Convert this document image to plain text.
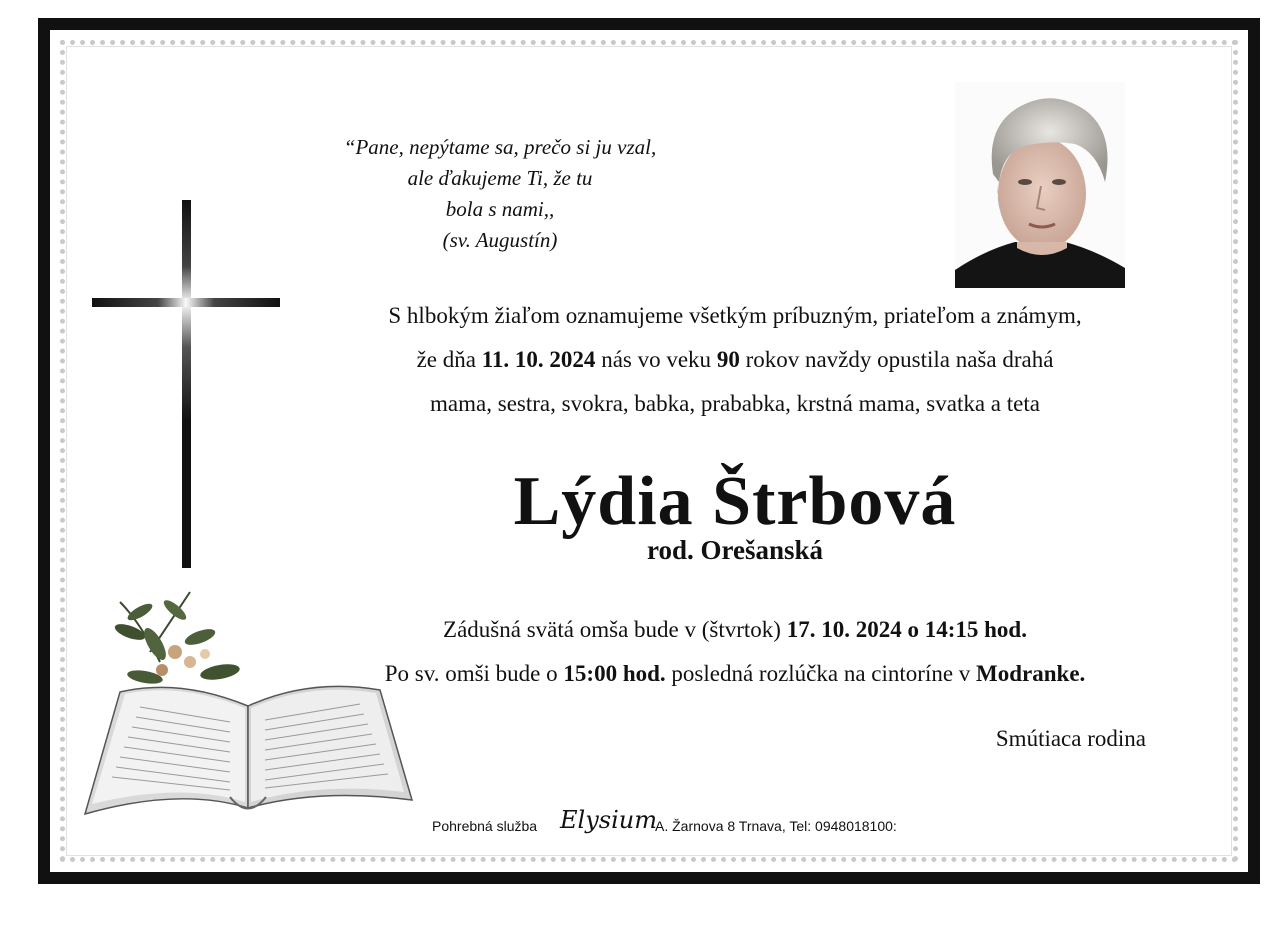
“Pane, nepýtame sa, prečo si ju vzal,
ale ďakujeme Ti, že tu
bola s nami,,
(sv. Augustín)
S hlbokým žiaľom oznamujeme všetkým príbuzným, priateľom a známym,
že dňa 11. 10. 2024 nás vo veku 90 rokov navždy opustila naša drahá
mama, sestra, svokra, babka, prababka, krstná mama, svatka a teta
Lýdia Štrbová
rod. Orešanská
Zádušná svätá omša bude v (štvrtok) 17. 10. 2024 o 14:15 hod.
Po sv. omši bude o 15:00 hod. posledná rozlúčka na cintoríne v Modranke.
Smútiaca rodina
Pohrebná služba Elysium
A. Žarnova 8 Trnava, Tel: 0948018100:
